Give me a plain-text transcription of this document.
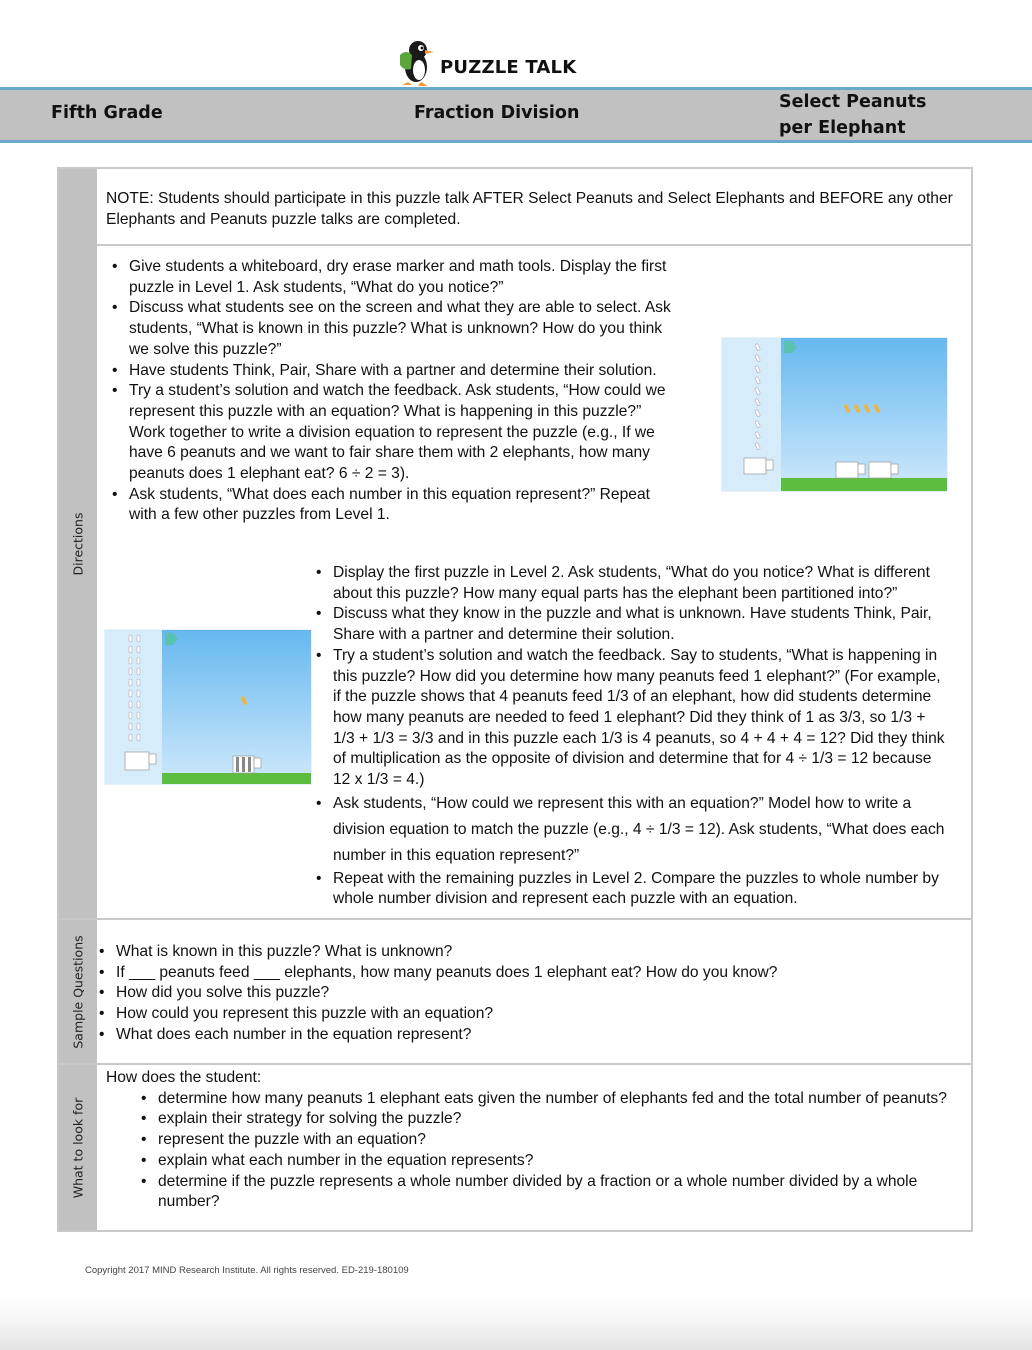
PUZZLE TALK
Fifth Grade	Fraction Division
Select Peanuts
per Elephant
Directions
Sample Questions
What to look for
NOTE: Students should participate in this puzzle talk AFTER Select Peanuts and Select Elephants and BEFORE any other Elephants and Peanuts puzzle talks are completed.
• Give students a whiteboard, dry erase marker and math tools. Display the first puzzle in Level 1. Ask students, “What do you notice?”
• Discuss what students see on the screen and what they are able to select. Ask students, “What is known in this puzzle? What is unknown? How do you think we solve this puzzle?”
• Have students Think, Pair, Share with a partner and determine their solution.
• Try a student’s solution and watch the feedback. Ask students, “How could we represent this puzzle with an equation? What is happening in this puzzle?” Work together to write a division equation to represent the puzzle (e.g., If we have 6 peanuts and we want to fair share them with 2 elephants, how many peanuts does 1 elephant eat? 6 ÷ 2 = 3).
• Ask students, “What does each number in this equation represent?” Repeat with a few other puzzles from Level 1.
• Display the first puzzle in Level 2. Ask students, “What do you notice? What is different about this puzzle? How many equal parts has the elephant been partitioned into?”
• Discuss what they know in the puzzle and what is unknown. Have students Think, Pair, Share with a partner and determine their solution.
• Try a student’s solution and watch the feedback. Say to students, “What is happening in this puzzle? How did you determine how many peanuts feed 1 elephant?” (For example, if the puzzle shows that 4 peanuts feed 1/3 of an elephant, how did students determine how many peanuts are needed to feed 1 elephant? Did they think of 1 as 3/3, so 1/3 + 1/3 + 1/3 = 3/3 and in this puzzle each 1/3 is 4 peanuts, so 4 + 4 + 4 = 12? Did they think of multiplication as the opposite of division and determine that for 4 ÷ 1/3 = 12 because 12 x 1/3 = 4.)
• Ask students, “How could we represent this with an equation?” Model how to write a division equation to match the puzzle (e.g., 4 ÷ 1/3 = 12). Ask students, “What does each number in this equation represent?”
• Repeat with the remaining puzzles in Level 2. Compare the puzzles to whole number by whole number division and represent each puzzle with an equation.
• What is known in this puzzle? What is unknown?
• If ___ peanuts feed ___ elephants, how many peanuts does 1 elephant eat? How do you know?
• How did you solve this puzzle?
• How could you represent this puzzle with an equation?
• What does each number in the equation represent?
How does the student:
• determine how many peanuts 1 elephant eats given the number of elephants fed and the total number of peanuts?
• explain their strategy for solving the puzzle?
• represent the puzzle with an equation?
• explain what each number in the equation represents?
• determine if the puzzle represents a whole number divided by a fraction or a whole number divided by a whole number?
Copyright 2017 MIND Research Institute. All rights reserved. ED-219-180109
